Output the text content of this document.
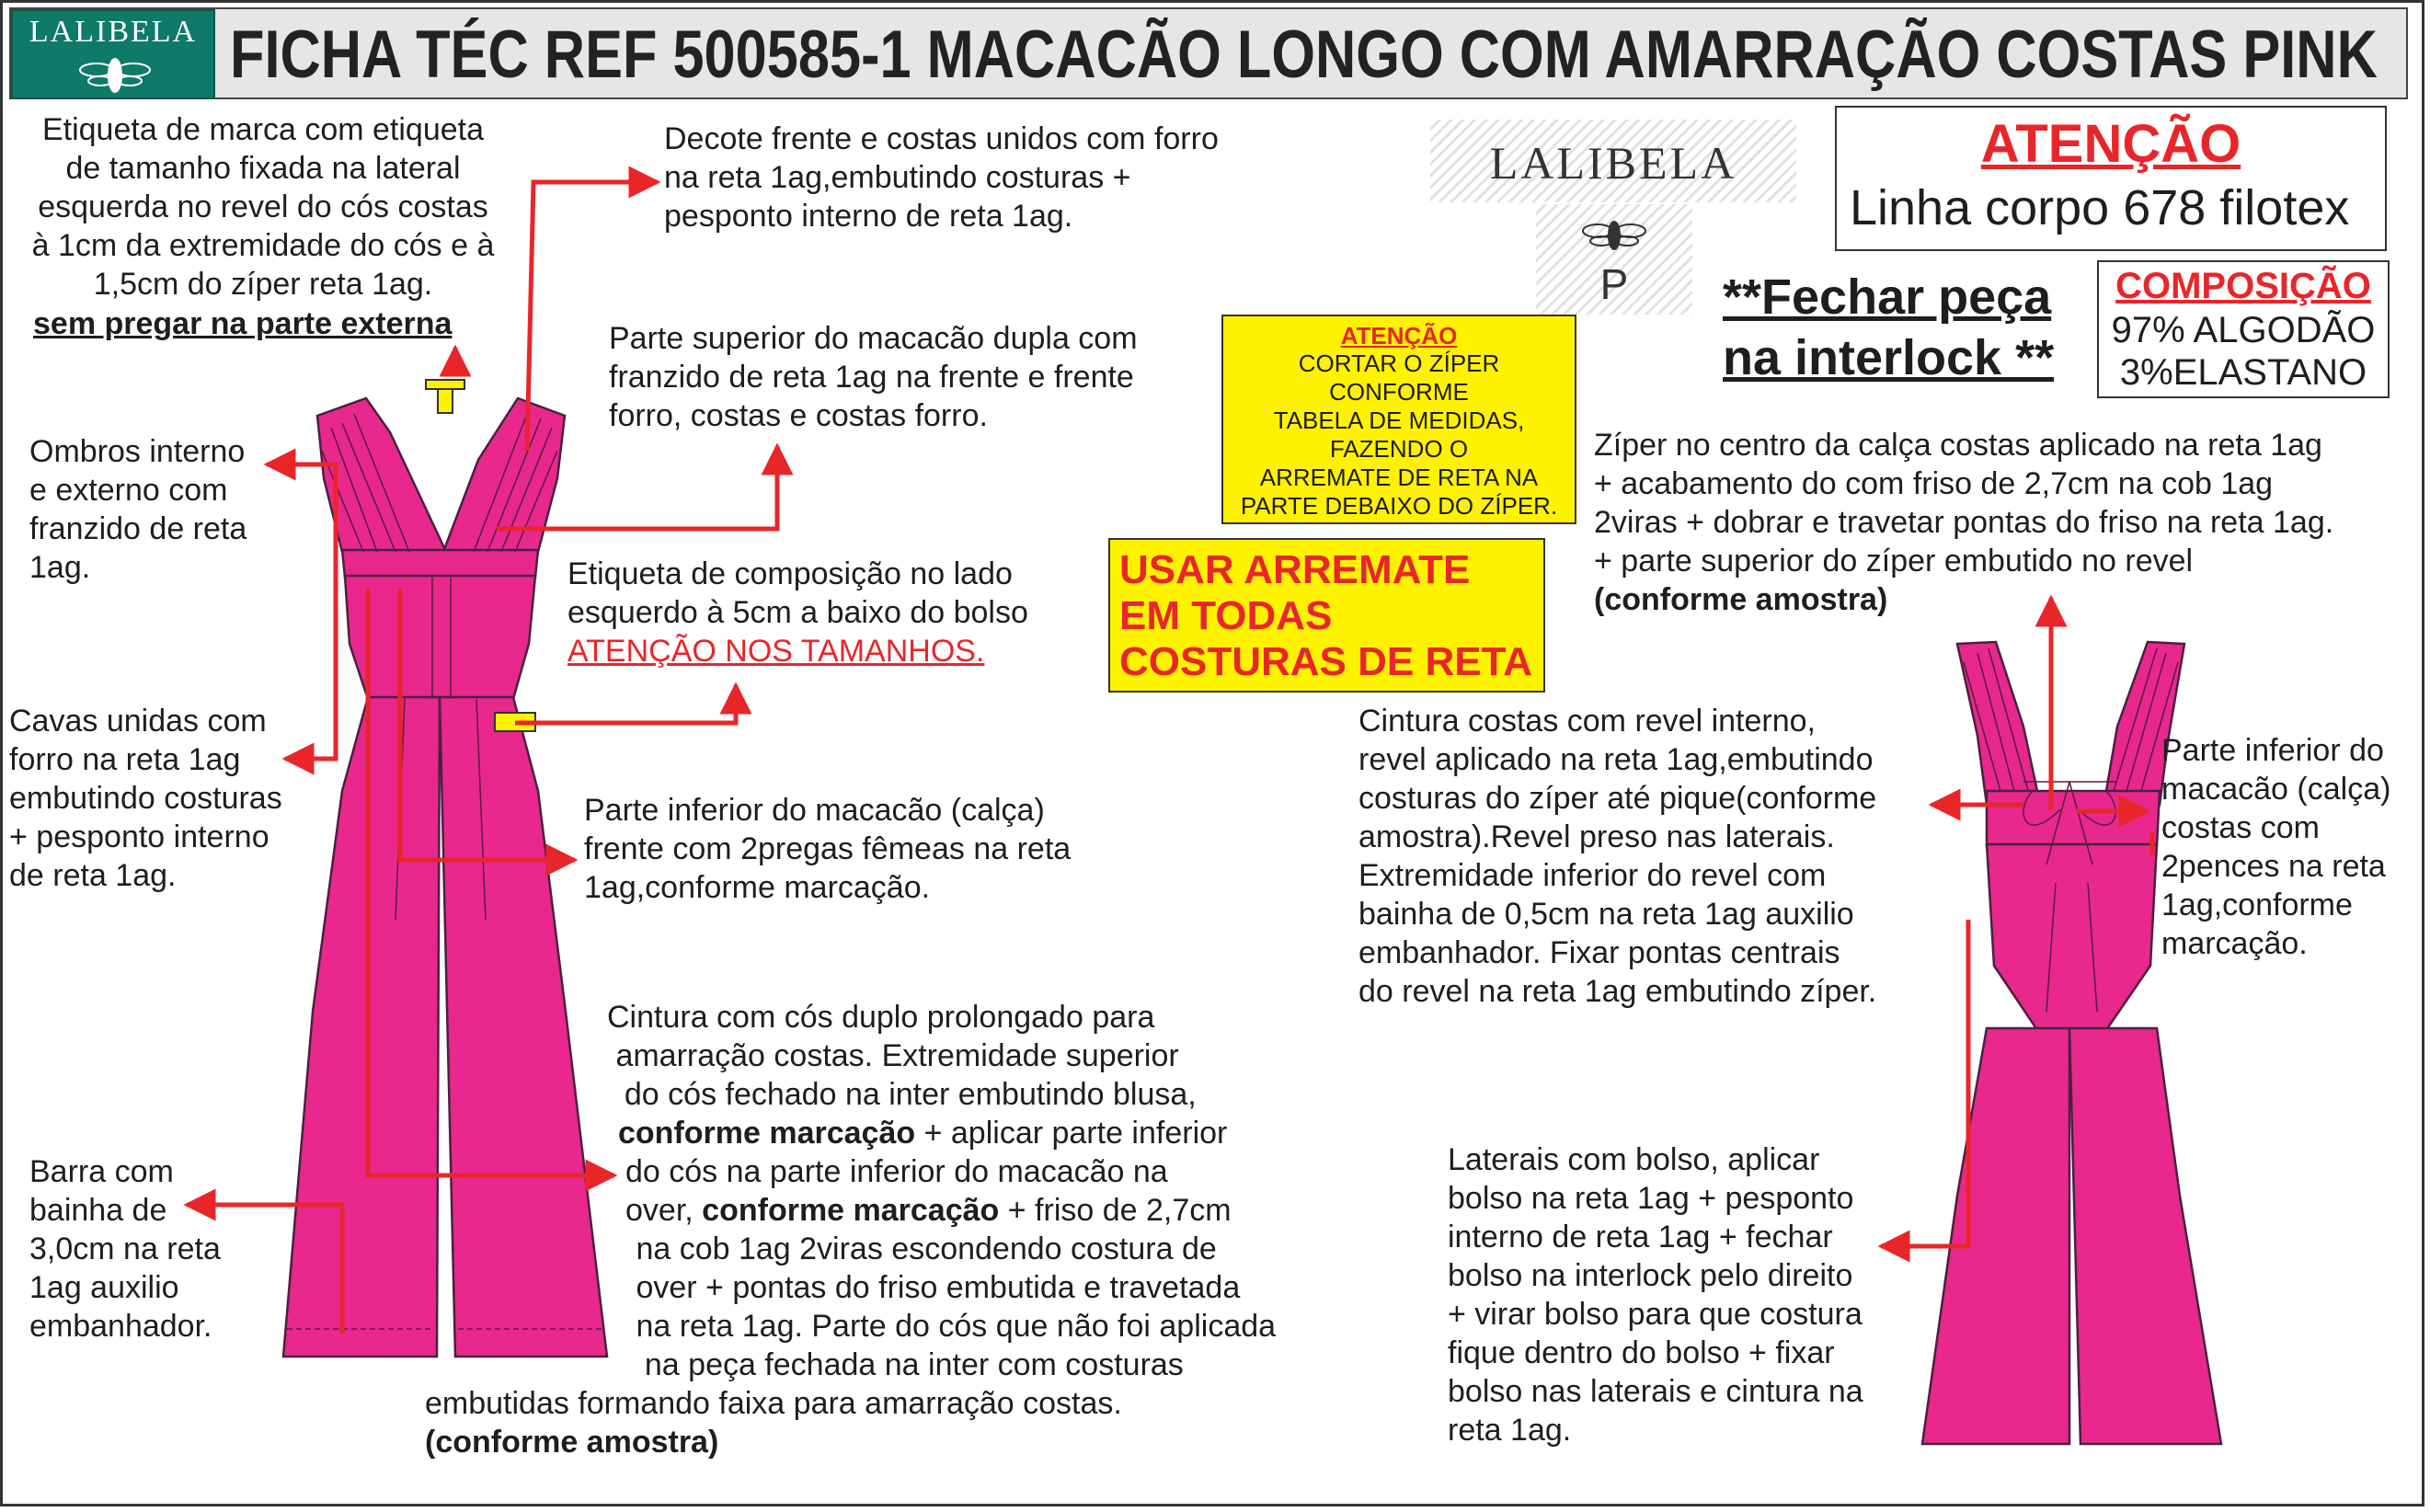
LALIBELA FICHA TÉC REF 500585-1 MACACÃO LONGO COM AMARRAÇÃO COSTAS PINK
LALIBELA
P
ATENÇÃO
Linha corpo 678 filotex
**Fechar peça
na interlock **
COMPOSIÇÃO
97% ALGODÃO
3%ELASTANO
ATENÇÃO
CORTAR O ZÍPER
CONFORME
TABELA DE MEDIDAS,
FAZENDO O
ARREMATE DE RETA NA
PARTE DEBAIXO DO ZÍPER.
USAR ARREMATE
EM TODAS
COSTURAS DE RETA
Etiqueta de marca com etiqueta
de tamanho fixada na lateral
esquerda no revel do cós costas
à 1cm da extremidade do cós e à
1,5cm do zíper reta 1ag.
sem pregar na parte externa
Decote frente e costas unidos com forro
na reta 1ag,embutindo costuras +
pesponto interno de reta 1ag.
Parte superior do macacão dupla com
franzido de reta 1ag na frente e frente
forro, costas e costas forro.
Ombros interno
e externo com
franzido de reta
1ag.	Etiqueta de composição no lado
esquerdo à 5cm a baixo do bolso
ATENÇÃO NOS TAMANHOS.
Cavas unidas com
forro na reta 1ag
embutindo costuras
+ pesponto interno
de reta 1ag.
Parte inferior do macacão (calça)
frente com 2pregas fêmeas na reta
1ag,conforme marcação.
Cintura com cós duplo prolongado para
amarração costas. Extremidade superior
do cós fechado na inter embutindo blusa,
conforme marcação + aplicar parte inferior
do cós na parte inferior do macacão na
over, conforme marcação + friso de 2,7cm
na cob 1ag 2viras escondendo costura de
over + pontas do friso embutida e travetada
na reta 1ag. Parte do cós que não foi aplicada
na peça fechada na inter com costuras
embutidas formando faixa para amarração costas.
(conforme amostra)
Barra com
bainha de
3,0cm na reta
1ag auxilio
embanhador.
Zíper no centro da calça costas aplicado na reta 1ag
+ acabamento do com friso de 2,7cm na cob 1ag
2viras + dobrar e travetar pontas do friso na reta 1ag.
+ parte superior do zíper embutido no revel
(conforme amostra)
Cintura costas com revel interno,
revel aplicado na reta 1ag,embutindo
costuras do zíper até pique(conforme
amostra).Revel preso nas laterais.
Extremidade inferior do revel com
bainha de 0,5cm na reta 1ag auxilio
embanhador. Fixar pontas centrais
do revel na reta 1ag embutindo zíper.
Parte inferior do
macacão (calça)
costas com
2pences na reta
1ag,conforme
marcação.
Laterais com bolso, aplicar
bolso na reta 1ag + pesponto
interno de reta 1ag + fechar
bolso na interlock pelo direito
+ virar bolso para que costura
fique dentro do bolso + fixar
bolso nas laterais e cintura na
reta 1ag.
